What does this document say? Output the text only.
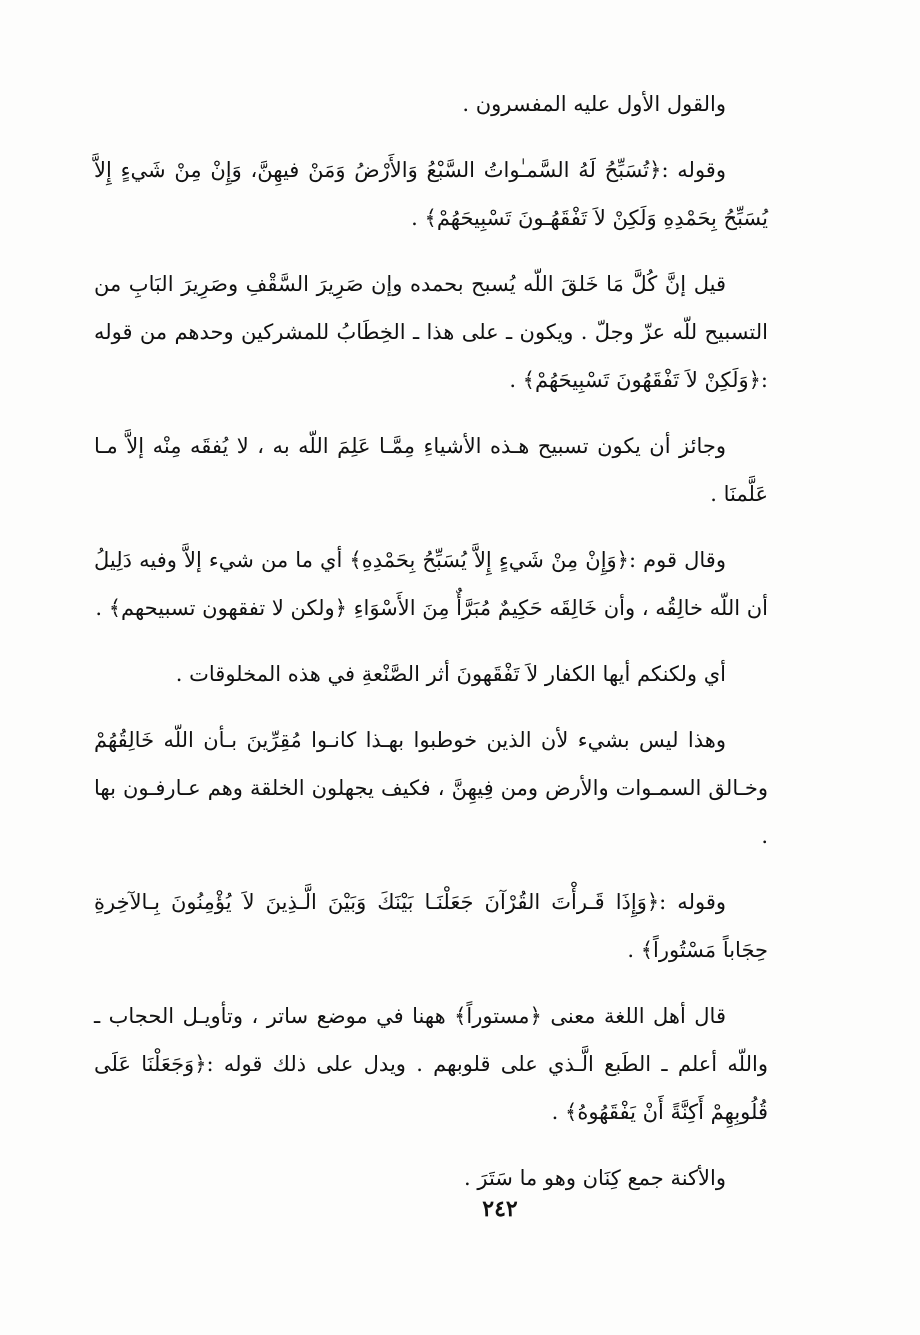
والقول الأول عليه المفسرون .

وقوله :﴿تُسَبِّحُ لَهُ السَّمـٰواتُ السَّبْعُ وَالأَرْضُ وَمَنْ فيهِنَّ، وَإِنْ مِنْ شَيءٍ إِلاَّ يُسَبِّحُ بِحَمْدِهِ وَلَكِنْ لاَ تَفْقَهُـونَ تَسْبِيحَهُمْ﴾ .

قيل إنَّ كُلَّ مَا خَلقَ اللّه يُسبح بحمده وإن صَرِيرَ السَّقْفِ وصَرِيرَ البَابِ من التسبيح للّه عزّ وجلّ . ويكون ـ على هذا ـ الخِطَابُ للمشركين وحدهم من قوله :﴿وَلَكِنْ لاَ تَفْقَهُونَ تَسْبِيحَهُمْ﴾ .

وجائز أن يكون تسبيح هـذه الأشياءِ مِمَّـا عَلِمَ اللّه به ، لا يُفقَه مِنْه إلاَّ مـا عَلَّمنَا .

وقال قوم :﴿وَإِنْ مِنْ شَيءٍ إِلاَّ يُسَبِّحُ بِحَمْدِهِ﴾ أي ما من شيء إلاَّ وفيه دَلِيلُ أن اللّه خالِقُه ، وأن خَالِقَه حَكِيمٌ مُبَرَّأٌ مِنَ الأَسْوَاءِ ﴿ولكن لا تفقهون تسبيحهم﴾ .

أي ولكنكم أيها الكفار لاَ تَفْقَهونَ أثر الصَّنْعةِ في هذه المخلوقات .

وهذا ليس بشيء لأن الذين خوطبوا بهـذا كانـوا مُقِرِّينَ بـأن اللّه خَالِقُهُمْ وخـالق السمـوات والأرض ومن فِيهِنَّ ، فكيف يجهلون الخلقة وهم عـارفـون بها .

وقوله :﴿وَإِذَا قَـرأْتَ القُرْآنَ جَعَلْنَـا بَيْنَكَ وَبَيْنَ الَّـذِينَ لاَ يُؤْمِنُونَ بِـالآخِرةِ حِجَاباً مَسْتُوراً﴾ .

قال أهل اللغة معنى ﴿مستوراً﴾ ههنا في موضع ساتر ، وتأويـل الحجاب ـ واللّه أعلم ـ الطَبع الَّـذي على قلوبهم . ويدل على ذلك قوله :﴿وَجَعَلْنَا عَلَى قُلُوبِهِمْ أَكِنَّةً أَنْ يَفْقَهُوهُ﴾ .

والأكنة جمع كِنَان وهو ما سَتَرَ .

٢٤٢
